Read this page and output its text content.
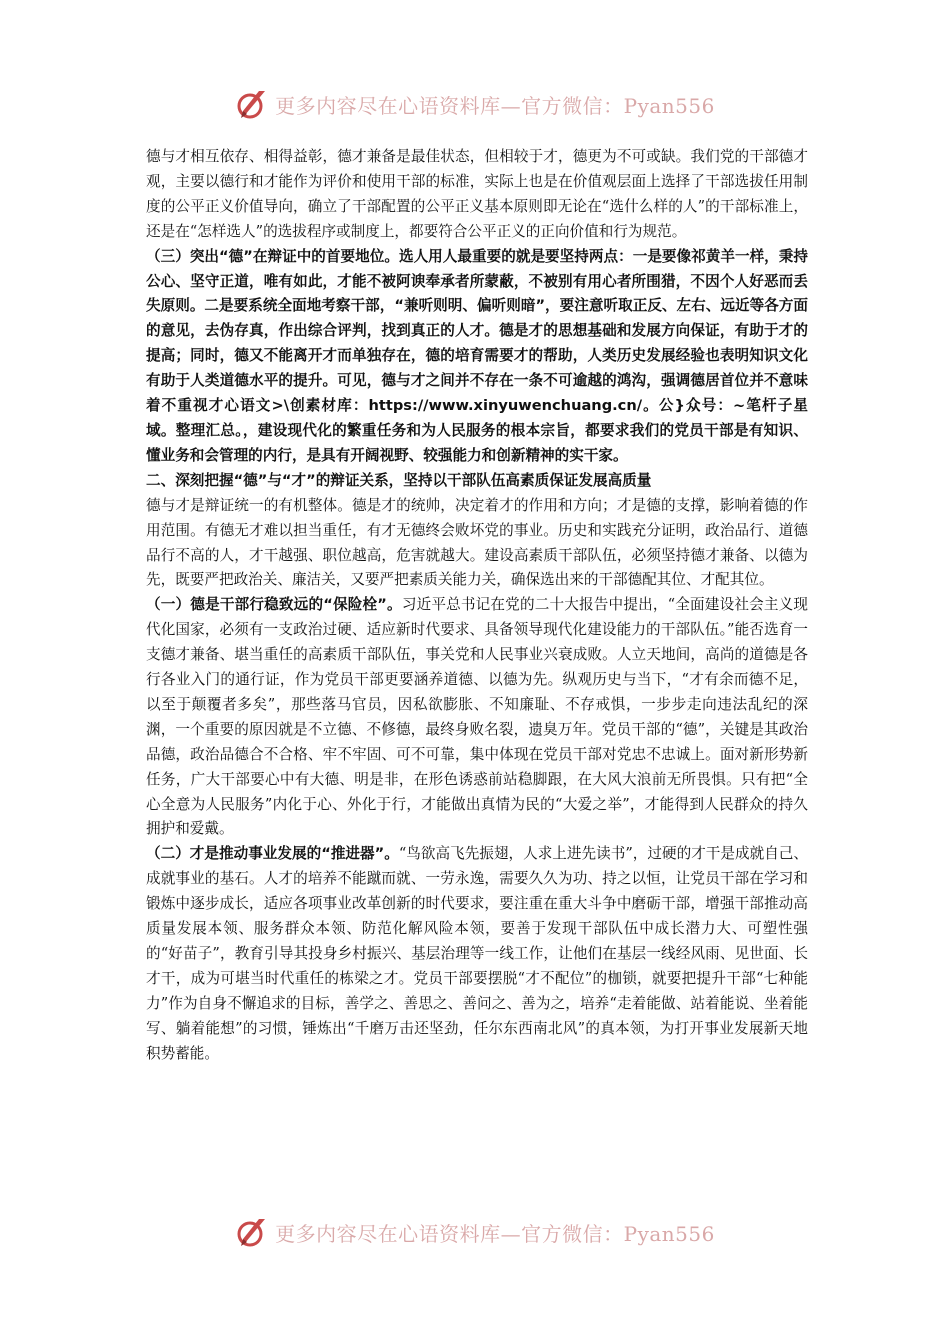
更多内容尽在心语资料库—官方微信：Pyan556

德与才相互依存、相得益彰，德才兼备是最佳状态，但相较于才，德更为不可或缺。我们党的干部德才观，主要以德行和才能作为评价和使用干部的标准，实际上也是在价值观层面上选择了干部选拔任用制度的公平正义价值导向，确立了干部配置的公平正义基本原则即无论在“选什么样的人”的干部标准上，还是在“怎样选人”的选拔程序或制度上，都要符合公平正义的正向价值和行为规范。

（三）突出“德”在辩证中的首要地位。选人用人最重要的就是要坚持两点：一是要像祁黄羊一样，秉持公心、坚守正道，唯有如此，才能不被阿谀奉承者所蒙蔽，不被别有用心者所围猎，不因个人好恶而丢失原则。二是要系统全面地考察干部，“兼听则明、偏听则暗”，要注意听取正反、左右、远近等各方面的意见，去伪存真，作出综合评判，找到真正的人才。德是才的思想基础和发展方向保证，有助于才的提高；同时，德又不能离开才而单独存在，德的培育需要才的帮助，人类历史发展经验也表明知识文化有助于人类道德水平的提升。可见，德与才之间并不存在一条不可逾越的鸿沟，强调德居首位并不意味着不重视才心语文>\创素材库：https://www.xinyuwenchuang.cn/。公}众号：~笔杆子星域。整理汇总。，建设现代化的繁重任务和为人民服务的根本宗旨，都要求我们的党员干部是有知识、懂业务和会管理的内行，是具有开阔视野、较强能力和创新精神的实干家。

二、深刻把握“德”与“才”的辩证关系，坚持以干部队伍高素质保证发展高质量

德与才是辩证统一的有机整体。德是才的统帅，决定着才的作用和方向；才是德的支撑，影响着德的作用范围。有德无才难以担当重任，有才无德终会败坏党的事业。历史和实践充分证明，政治品行、道德品行不高的人，才干越强、职位越高，危害就越大。建设高素质干部队伍，必须坚持德才兼备、以德为先，既要严把政治关、廉洁关，又要严把素质关能力关，确保选出来的干部德配其位、才配其位。

（一）德是干部行稳致远的“保险栓”。习近平总书记在党的二十大报告中提出，“全面建设社会主义现代化国家，必须有一支政治过硬、适应新时代要求、具备领导现代化建设能力的干部队伍。”能否选育一支德才兼备、堪当重任的高素质干部队伍，事关党和人民事业兴衰成败。人立天地间，高尚的道德是各行各业入门的通行证，作为党员干部更要涵养道德、以德为先。纵观历史与当下，“才有余而德不足，以至于颠覆者多矣”，那些落马官员，因私欲膨胀、不知廉耻、不存戒惧，一步步走向违法乱纪的深渊，一个重要的原因就是不立德、不修德，最终身败名裂，遗臭万年。党员干部的“德”，关键是其政治品德，政治品德合不合格、牢不牢固、可不可靠，集中体现在党员干部对党忠不忠诚上。面对新形势新任务，广大干部要心中有大德、明是非，在形色诱惑前站稳脚跟，在大风大浪前无所畏惧。只有把“全心全意为人民服务”内化于心、外化于行，才能做出真情为民的“大爱之举”，才能得到人民群众的持久拥护和爱戴。

（二）才是推动事业发展的“推进器”。“鸟欲高飞先振翅，人求上进先读书”，过硬的才干是成就自己、成就事业的基石。人才的培养不能蹴而就、一劳永逸，需要久久为功、持之以恒，让党员干部在学习和锻炼中逐步成长，适应各项事业改革创新的时代要求，要注重在重大斗争中磨砺干部，增强干部推动高质量发展本领、服务群众本领、防范化解风险本领，要善于发现干部队伍中成长潜力大、可塑性强的“好苗子”，教育引导其投身乡村振兴、基层治理等一线工作，让他们在基层一线经风雨、见世面、长才干，成为可堪当时代重任的栋梁之才。党员干部要摆脱“才不配位”的枷锁，就要把提升干部“七种能力”作为自身不懈追求的目标，善学之、善思之、善问之、善为之，培养“走着能做、站着能说、坐着能写、躺着能想”的习惯，锤炼出“千磨万击还坚劲，任尔东西南北风”的真本领，为打开事业发展新天地积势蓄能。

更多内容尽在心语资料库—官方微信：Pyan556
